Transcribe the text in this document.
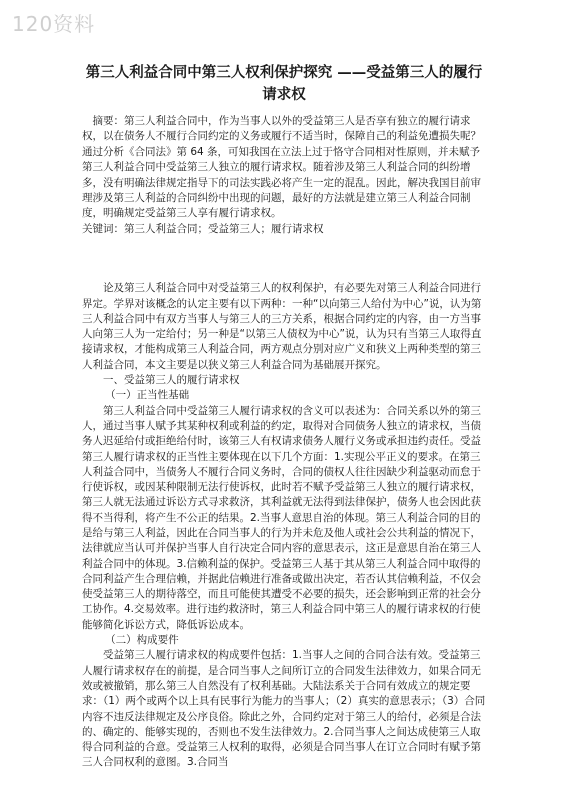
120资料
第三人利益合同中第三人权利保护探究 ——受益第三人的履行请求权

摘要：第三人利益合同中，作为当事人以外的受益第三人是否享有独立的履行请求权，以在债务人不履行合同约定的义务或履行不适当时，保障自己的利益免遭损失呢？通过分析《合同法》第 64 条，可知我国在立法上过于恪守合同相对性原则，并未赋予第三人利益合同中受益第三人独立的履行请求权。随着涉及第三人利益合同的纠纷增多，没有明确法律规定指导下的司法实践必将产生一定的混乱。因此，解决我国目前审理涉及第三人利益的合同纠纷中出现的问题，最好的方法就是建立第三人利益合同制度，明确规定受益第三人享有履行请求权。

关键词：第三人利益合同；受益第三人；履行请求权

论及第三人利益合同中对受益第三人的权利保护，有必要先对第三人利益合同进行界定。学界对该概念的认定主要有以下两种：一种“以向第三人给付为中心”说，认为第三人利益合同中有双方当事人与第三人的三方关系，根据合同约定的内容，由一方当事人向第三人为一定给付；另一种是“以第三人债权为中心”说，认为只有当第三人取得直接请求权，才能构成第三人利益合同，两方观点分别对应广义和狭义上两种类型的第三人利益合同，本文主要是以狭义第三人利益合同为基础展开探究。

一、受益第三人的履行请求权

（一）正当性基础

第三人利益合同中受益第三人履行请求权的含义可以表述为：合同关系以外的第三人，通过当事人赋予其某种权利或利益的约定，取得对合同债务人独立的请求权，当债务人迟延给付或拒绝给付时，该第三人有权请求债务人履行义务或承担违约责任。受益第三人履行请求权的正当性主要体现在以下几个方面：1.实现公平正义的要求。在第三人利益合同中，当债务人不履行合同义务时，合同的债权人往往因缺少利益驱动而怠于行使诉权，或因某种限制无法行使诉权，此时若不赋予受益第三人独立的履行请求权，第三人就无法通过诉讼方式寻求救济，其利益就无法得到法律保护，债务人也会因此获得不当得利，将产生不公正的结果。2.当事人意思自治的体现。第三人利益合同的目的是给与第三人利益，因此在合同当事人的行为并未危及他人或社会公共利益的情况下，法律就应当认可并保护当事人自行决定合同内容的意思表示，这正是意思自治在第三人利益合同中的体现。3.信赖利益的保护。受益第三人基于其从第三人利益合同中取得的合同利益产生合理信赖，并据此信赖进行准备或做出决定，若否认其信赖利益，不仅会使受益第三人的期待落空，而且可能使其遭受不必要的损失，还会影响到正常的社会分工协作。4.交易效率。进行违约救济时，第三人利益合同中第三人的履行请求权的行使能够简化诉讼方式，降低诉讼成本。

（二）构成要件

受益第三人履行请求权的构成要件包括：1.当事人之间的合同合法有效。受益第三人履行请求权存在的前提，是合同当事人之间所订立的合同发生法律效力，如果合同无效或被撤销，那么第三人自然没有了权利基础。大陆法系关于合同有效成立的规定要求：（1）两个或两个以上具有民事行为能力的当事人；（2）真实的意思表示；（3）合同内容不违反法律规定及公序良俗。除此之外，合同约定对于第三人的给付，必须是合法的、确定的、能够实现的，否则也不发生法律效力。2.合同当事人之间达成使第三人取得合同利益的合意。受益第三人权利的取得，必须是合同当事人在订立合同时有赋予第三人合同权利的意图。3.合同当
